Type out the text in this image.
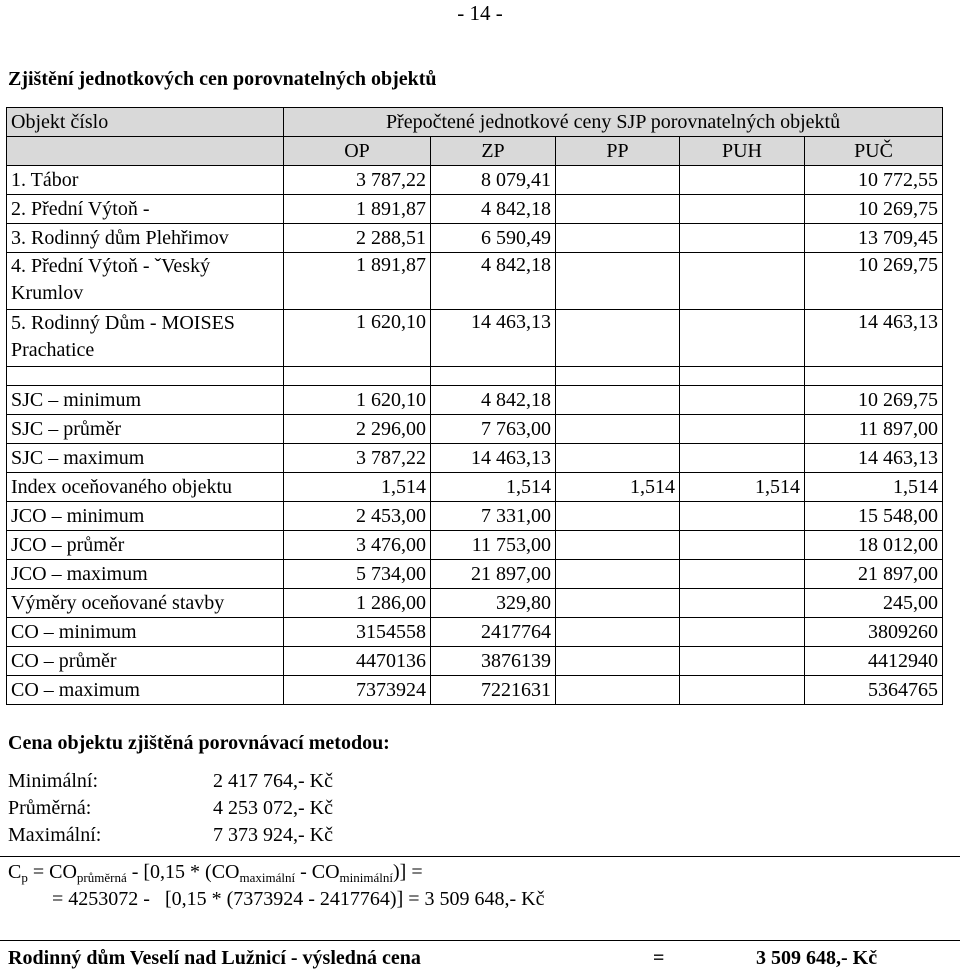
- 14 -
Zjištění jednotkových cen porovnatelných objektů
Objekt číslo	Přepočtené jednotkové ceny SJP porovnatelných objektů				
	OP	ZP	PP	PUH	PUČ
1. Tábor	3 787,22	8 079,41			10 772,55
2. Přední Výtoň -	1 891,87	4 842,18			10 269,75
3. Rodinný dům Plehřimov	2 288,51	6 590,49			13 709,45
4. Přední Výtoň - ˇVeský Krumlov	1 891,87	4 842,18			10 269,75
5. Rodinný Dům - MOISES Prachatice	1 620,10	14 463,13			14 463,13

SJC – minimum	1 620,10	4 842,18			10 269,75
SJC – průměr	2 296,00	7 763,00			11 897,00
SJC – maximum	3 787,22	14 463,13			14 463,13
Index oceňovaného objektu	1,514	1,514	1,514	1,514	1,514
JCO – minimum	2 453,00	7 331,00			15 548,00
JCO – průměr	3 476,00	11 753,00			18 012,00
JCO – maximum	5 734,00	21 897,00			21 897,00
Výměry oceňované stavby	1 286,00	329,80			245,00
CO – minimum	3154558	2417764			3809260
CO – průměr	4470136	3876139			4412940
CO – maximum	7373924	7221631			5364765
Cena objektu zjištěná porovnávací metodou:
Minimální:	2 417 764,- Kč
Průměrná:	4 253 072,- Kč
Maximální:	7 373 924,- Kč
$C_p = CO_{průměrná} - [0,15 * (CO_{maximální} - CO_{minimální})]$ =
= 4253072 -   [0,15 * (7373924 - 2417764)] = 3 509 648,- Kč
Rodinný dům Veselí nad Lužnicí - výsledná cena	=	3 509 648,- Kč
